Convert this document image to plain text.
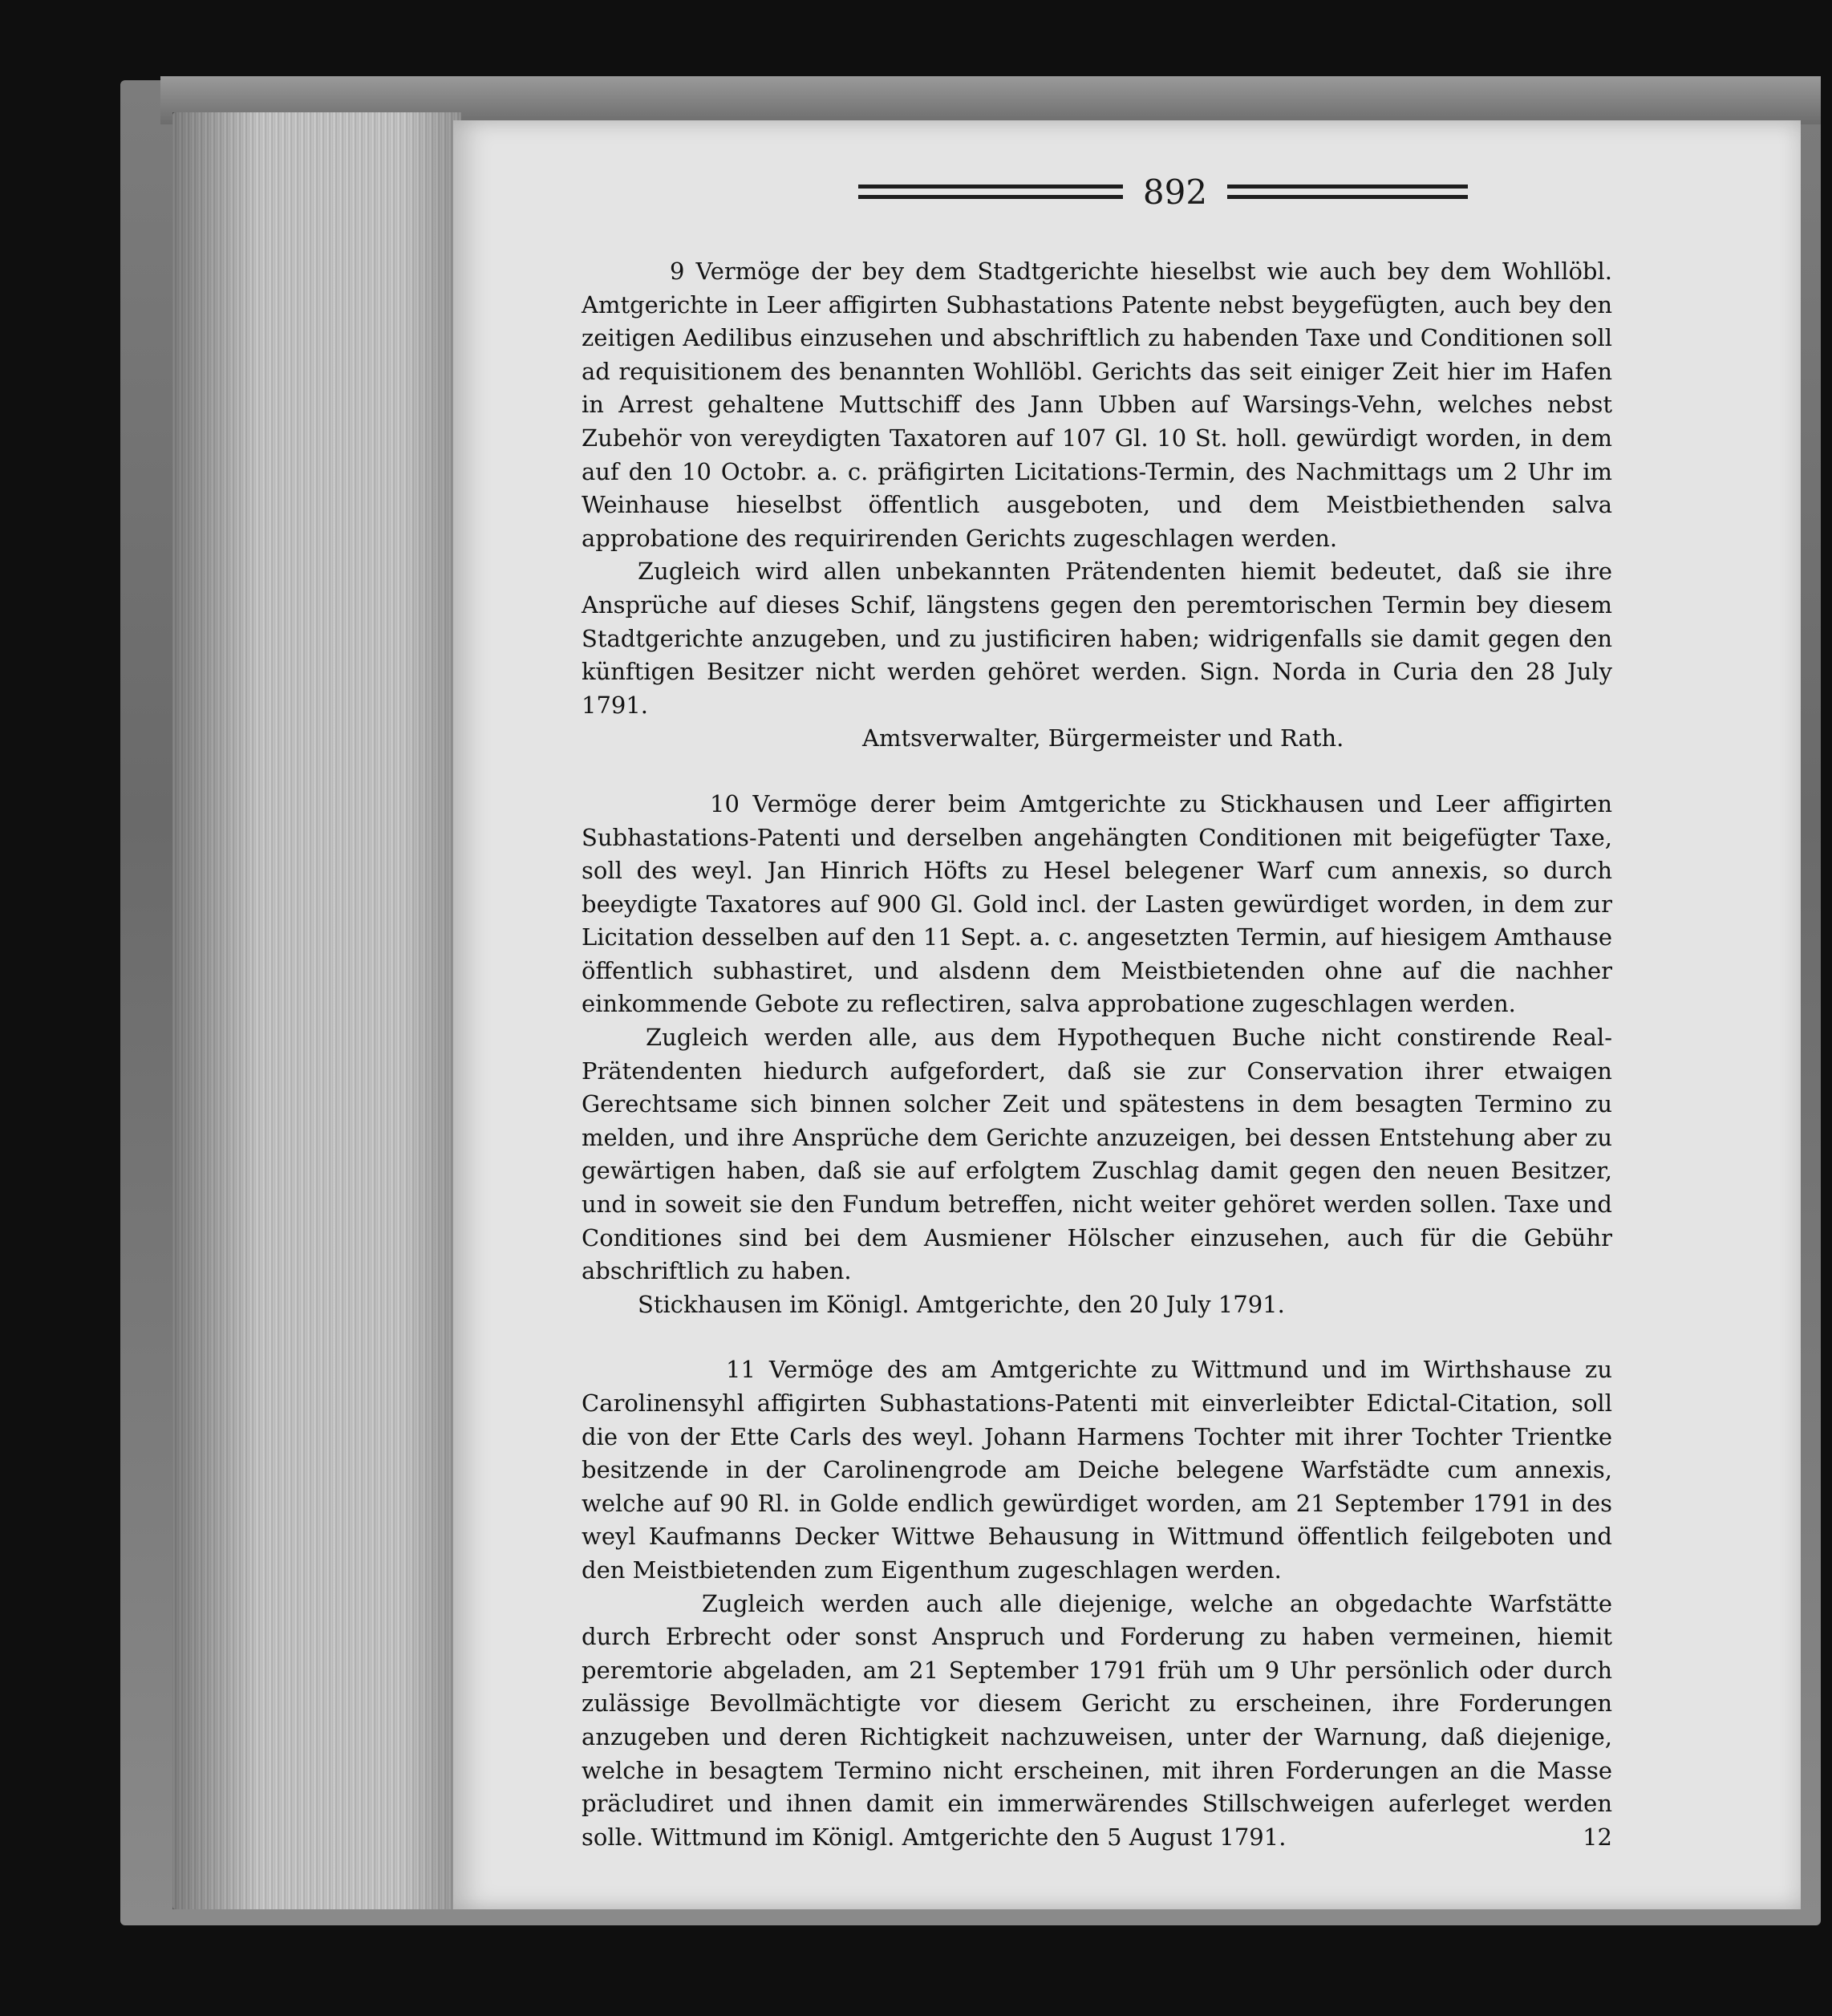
892

9 Vermöge der bey dem Stadtgerichte hieselbst wie auch bey dem Wohllöbl. Amtgerichte in Leer affigirten Subhastations Patente nebst beygefügten, auch bey den zeitigen Aedilibus einzusehen und abschriftlich zu habenden Taxe und Conditionen soll ad requisitionem des benannten Wohllöbl. Gerichts das seit einiger Zeit hier im Hafen in Arrest gehaltene Muttschiff des Jann Ubben auf Warsings-Vehn, welches nebst Zubehör von vereydigten Taxatoren auf 107 Gl. 10 St. holl. gewürdigt worden, in dem auf den 10 Octobr. a. c. präfigirten Licitations-Termin, des Nachmittags um 2 Uhr im Weinhause hieselbst öffentlich ausgeboten, und dem Meistbiethenden salva approbatione des requirirenden Gerichts zugeschlagen werden.

Zugleich wird allen unbekannten Prätendenten hiemit bedeutet, daß sie ihre Ansprüche auf dieses Schif, längstens gegen den peremtorischen Termin bey diesem Stadtgerichte anzugeben, und zu justificiren haben; widrigenfalls sie damit gegen den künftigen Besitzer nicht werden gehöret werden. Sign. Norda in Curia den 28 July 1791.

Amtsverwalter, Bürgermeister und Rath.

10 Vermöge derer beim Amtgerichte zu Stickhausen und Leer affigirten Subhastations-Patenti und derselben angehängten Conditionen mit beigefügter Taxe, soll des weyl. Jan Hinrich Höfts zu Hesel belegener Warf cum annexis, so durch beeydigte Taxatores auf 900 Gl. Gold incl. der Lasten gewürdiget worden, in dem zur Licitation desselben auf den 11 Sept. a. c. angesetzten Termin, auf hiesigem Amthause öffentlich subhastiret, und alsdenn dem Meistbietenden ohne auf die nachher einkommende Gebote zu reflectiren, salva approbatione zugeschlagen werden.

Zugleich werden alle, aus dem Hypothequen Buche nicht constirende Real-Prätendenten hiedurch aufgefordert, daß sie zur Conservation ihrer etwaigen Gerechtsame sich binnen solcher Zeit und spätestens in dem besagten Termino zu melden, und ihre Ansprüche dem Gerichte anzuzeigen, bei dessen Entstehung aber zu gewärtigen haben, daß sie auf erfolgtem Zuschlag damit gegen den neuen Besitzer, und in soweit sie den Fundum betreffen, nicht weiter gehöret werden sollen. Taxe und Conditiones sind bei dem Ausmiener Hölscher einzusehen, auch für die Gebühr abschriftlich zu haben.

Stickhausen im Königl. Amtgerichte, den 20 July 1791.

11 Vermöge des am Amtgerichte zu Wittmund und im Wirthshause zu Carolinensyhl affigirten Subhastations-Patenti mit einverleibter Edictal-Citation, soll die von der Ette Carls des weyl. Johann Harmens Tochter mit ihrer Tochter Trientke besitzende in der Carolinengrode am Deiche belegene Warfstädte cum annexis, welche auf 90 Rl. in Golde endlich gewürdiget worden, am 21 September 1791 in des weyl Kaufmanns Decker Wittwe Behausung in Wittmund öffentlich feilgeboten und den Meistbietenden zum Eigenthum zugeschlagen werden.

Zugleich werden auch alle diejenige, welche an obgedachte Warfstätte durch Erbrecht oder sonst Anspruch und Forderung zu haben vermeinen, hiemit peremtorie abgeladen, am 21 September 1791 früh um 9 Uhr persönlich oder durch zulässige Bevollmächtigte vor diesem Gericht zu erscheinen, ihre Forderungen anzugeben und deren Richtigkeit nachzuweisen, unter der Warnung, daß diejenige, welche in besagtem Termino nicht erscheinen, mit ihren Forderungen an die Masse präcludiret und ihnen damit ein immerwärendes Stillschweigen auferleget werden solle. Wittmund im Königl. Amtgerichte den 5 August 1791.	12
